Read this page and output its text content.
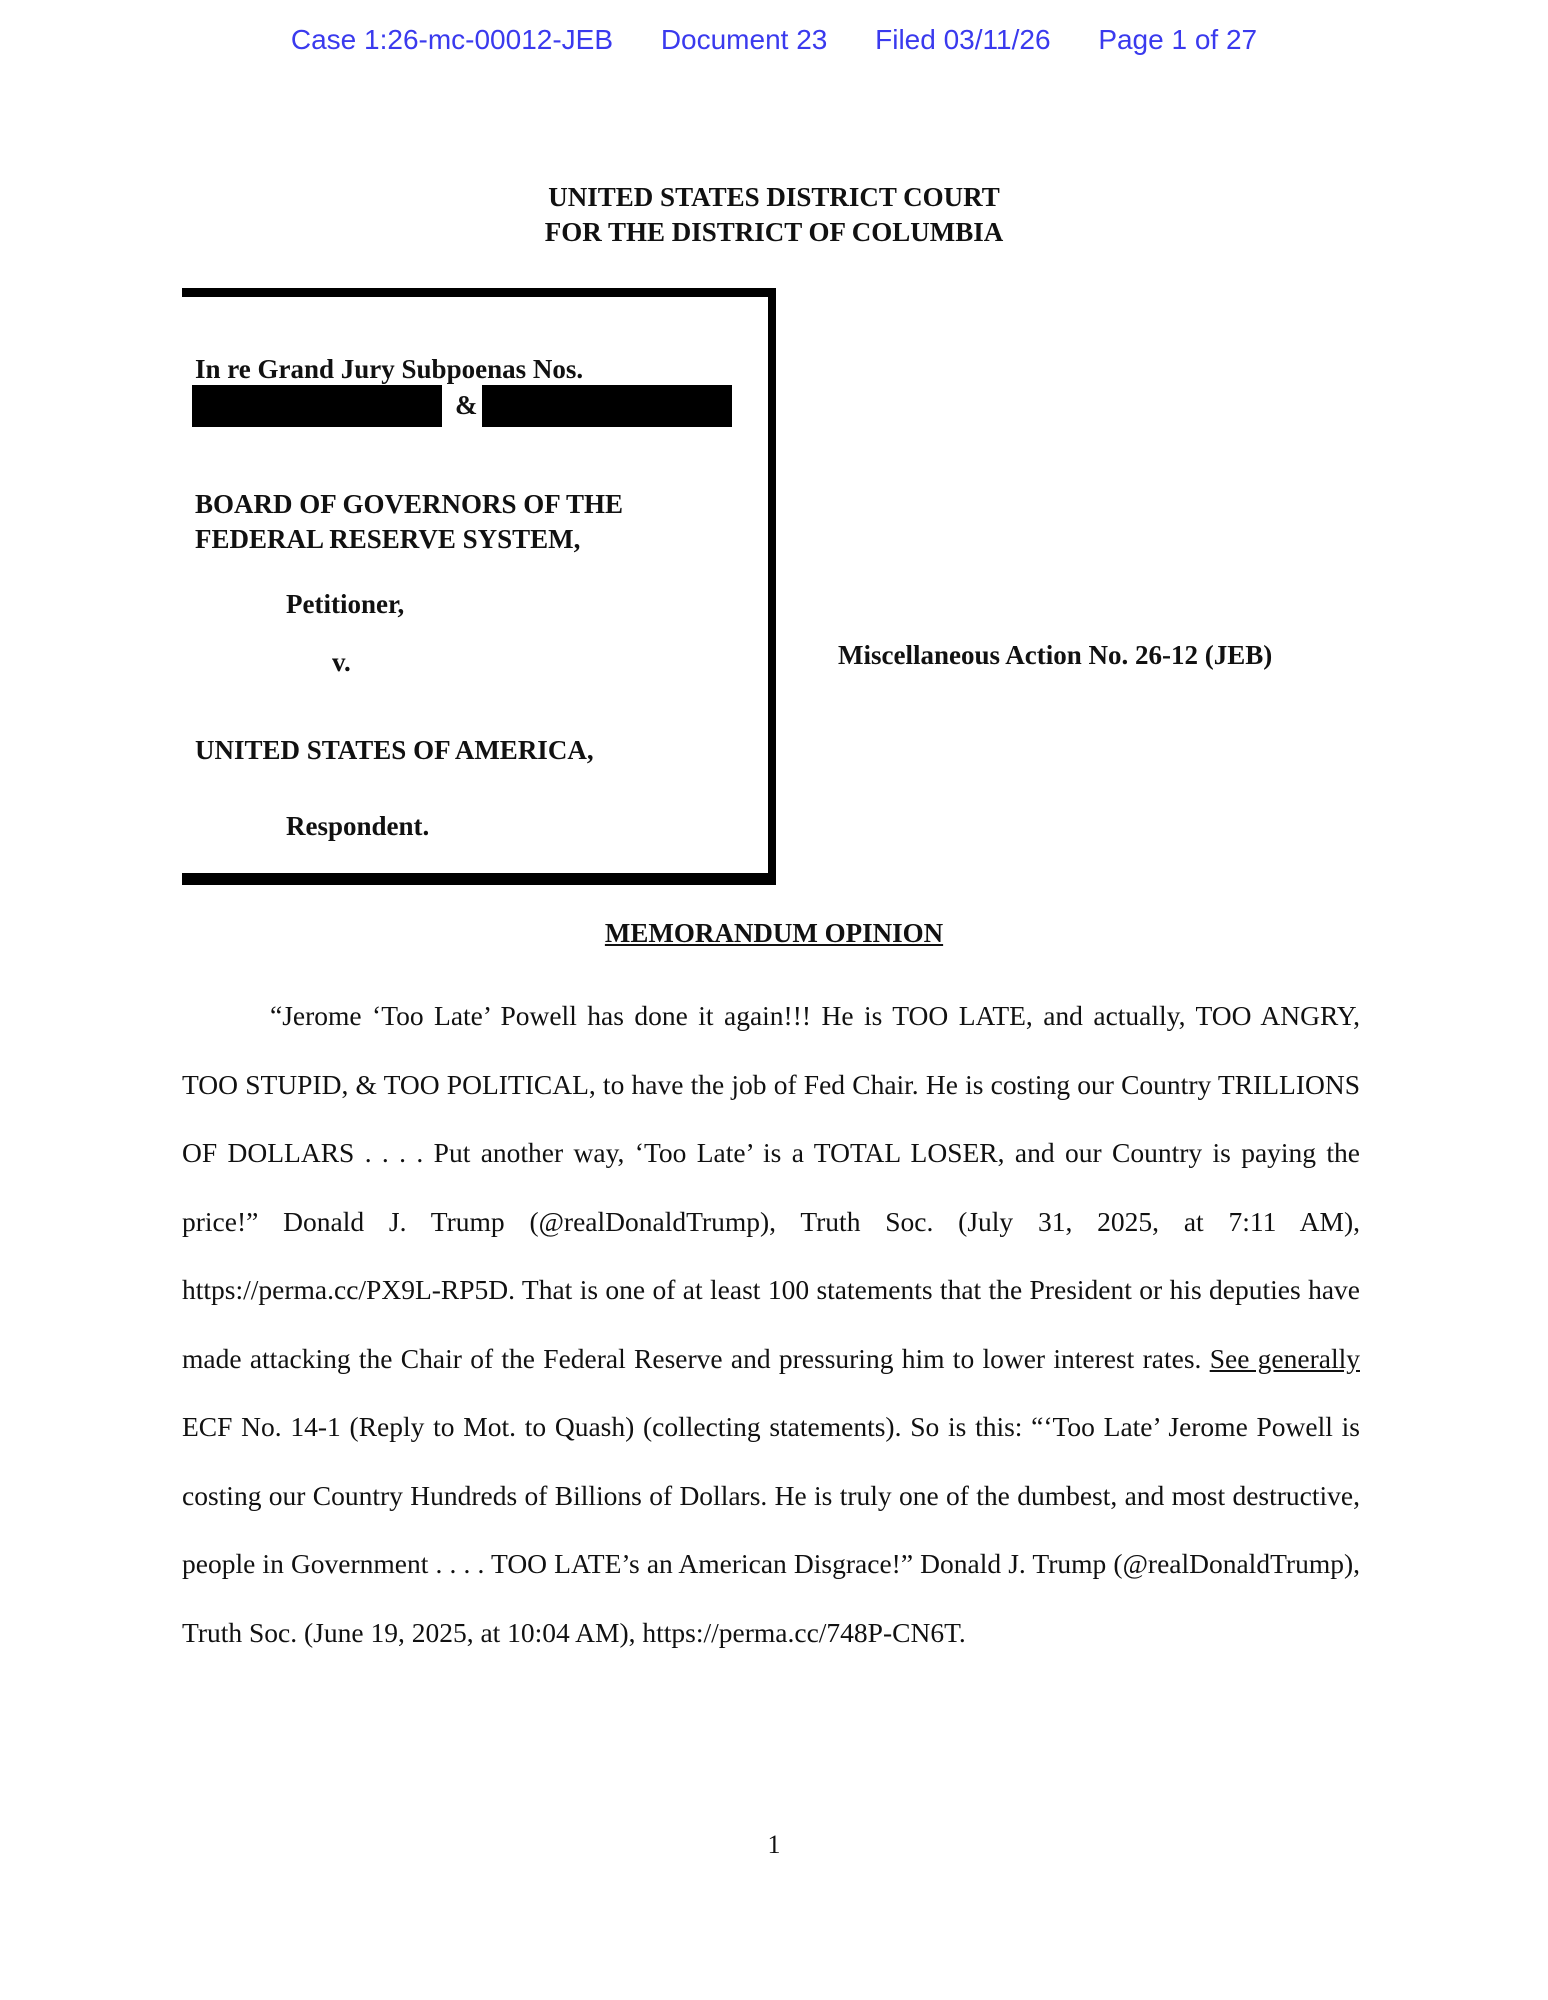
Case 1:26-mc-00012-JEB Document 23 Filed 03/11/26 Page 1 of 27
UNITED STATES DISTRICT COURT
FOR THE DISTRICT OF COLUMBIA
In re Grand Jury Subpoenas Nos.
&
BOARD OF GOVERNORS OF THE
FEDERAL RESERVE SYSTEM,
Petitioner,
v.
UNITED STATES OF AMERICA,
Respondent.
Miscellaneous Action No. 26-12 (JEB)
MEMORANDUM OPINION
“Jerome ‘Too Late’ Powell has done it again!!! He is TOO LATE, and actually, TOO ANGRY, TOO STUPID, & TOO POLITICAL, to have the job of Fed Chair. He is costing our Country TRILLIONS OF DOLLARS . . . . Put another way, ‘Too Late’ is a TOTAL LOSER, and our Country is paying the price!” Donald J. Trump (@realDonaldTrump), Truth Soc. (July 31, 2025, at 7:11 AM), https://perma.cc/PX9L-RP5D. That is one of at least 100 statements that the President or his deputies have made attacking the Chair of the Federal Reserve and pressuring him to lower interest rates. See generally ECF No. 14-1 (Reply to Mot. to Quash) (collecting statements). So is this: “‘Too Late’ Jerome Powell is costing our Country Hundreds of Billions of Dollars. He is truly one of the dumbest, and most destructive, people in Government . . . . TOO LATE’s an American Disgrace!” Donald J. Trump (@realDonaldTrump), Truth Soc. (June 19, 2025, at 10:04 AM), https://perma.cc/748P-CN6T.
1
